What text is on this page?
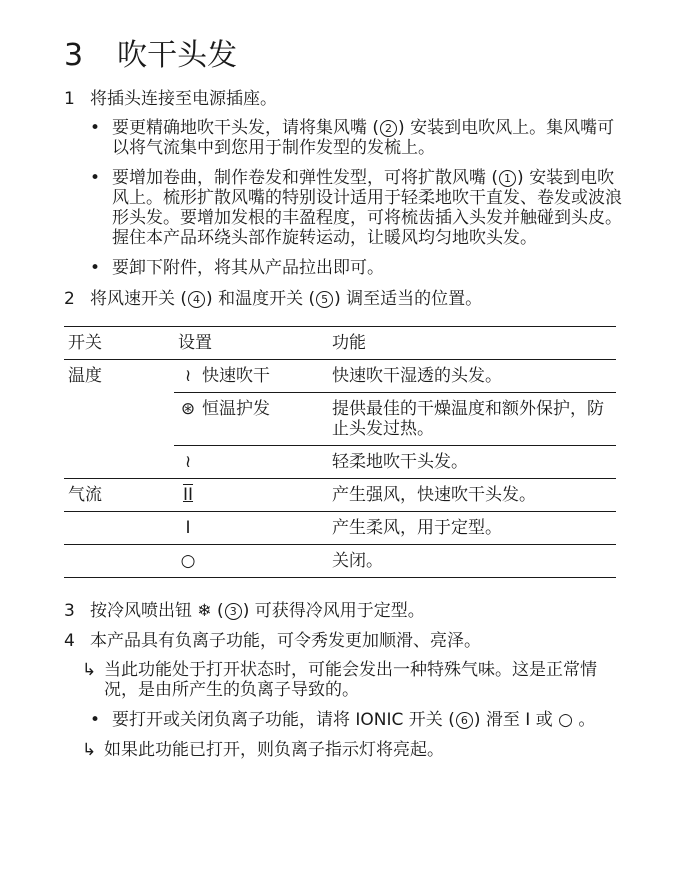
3 吹干头发
1 将插头连接至电源插座。
• 要更精确地吹干头发，请将集风嘴 ( 2 ) 安装到电吹风上。集风嘴可以将气流集中到您用于制作发型的发梳上。
• 要增加卷曲，制作卷发和弹性发型，可将扩散风嘴 ( 1 ) 安装到电吹风上。梳形扩散风嘴的特别设计适用于轻柔地吹干直发、卷发或波浪形头发。要增加发根的丰盈程度，可将梳齿插入头发并触碰到头皮。握住本产品环绕头部作旋转运动，让暖风均匀地吹头发。
• 要卸下附件，将其从产品拉出即可。
2 将风速开关 ( 4 ) 和温度开关 ( 5 ) 调至适当的位置。
开关	设置	功能
温度	≀ 快速吹干	快速吹干湿透的头发。
	⊛ 恒温护发	提供最佳的干燥温度和额外保护，防止头发过热。
	≀	轻柔地吹干头发。
气流	II	产生强风，快速吹干头发。
	I	产生柔风，用于定型。
	○	关闭。
3 按冷风喷出钮 ❄ ( 3 ) 可获得冷风用于定型。
4 本产品具有负离子功能，可令秀发更加顺滑、亮泽。
↳ 当此功能处于打开状态时，可能会发出一种特殊气味。这是正常情况，是由所产生的负离子导致的。
• 要打开或关闭负离子功能，请将 IONIC 开关 ( 6 ) 滑至 I 或 ○ 。
↳ 如果此功能已打开，则负离子指示灯将亮起。
